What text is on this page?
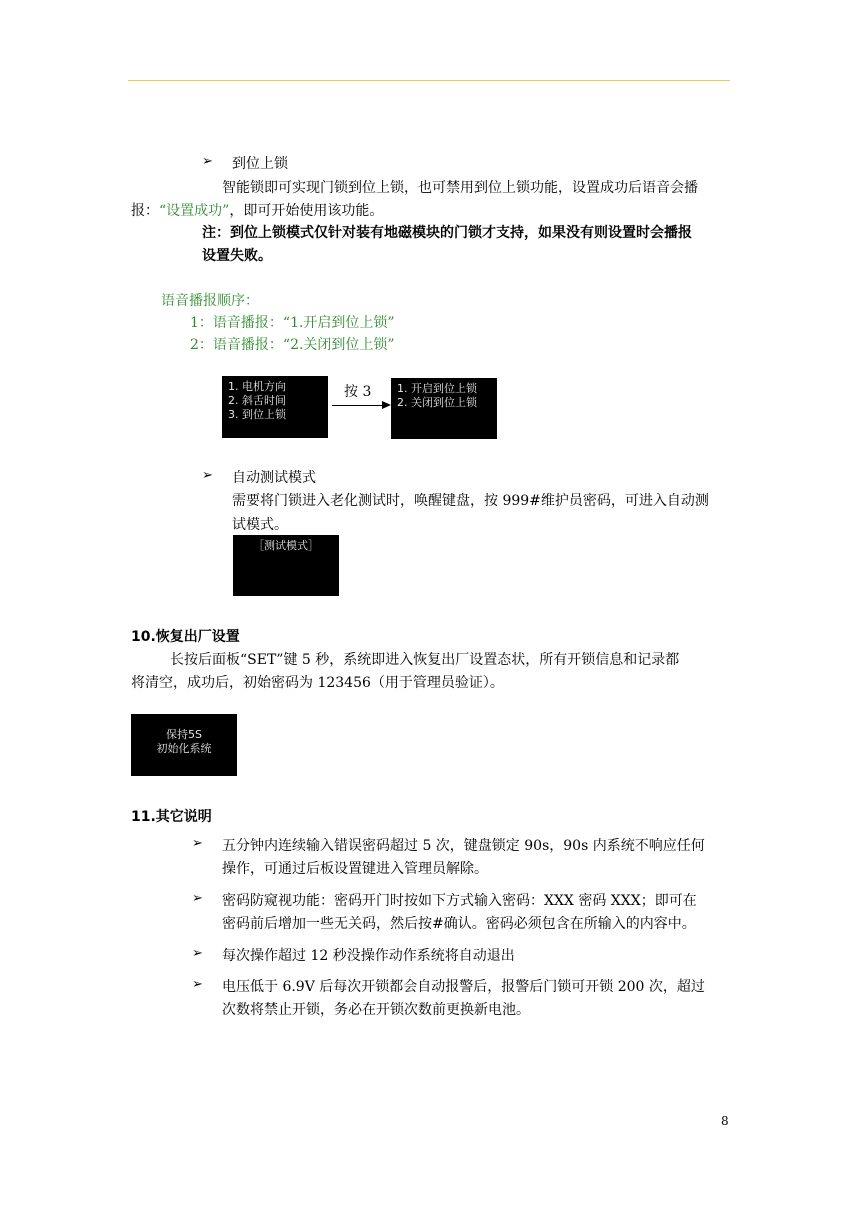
➢ 到位上锁
智能锁即可实现门锁到位上锁，也可禁用到位上锁功能，设置成功后语音会播
报：“设置成功”，即可开始使用该功能。
注：到位上锁模式仅针对装有地磁模块的门锁才支持，如果没有则设置时会播报
设置失败。
语音播报顺序：
1：语音播报：“1.开启到位上锁”
2：语音播报：“2.关闭到位上锁”
1. 电机方向
2. 斜舌时间
3. 到位上锁
按 3 1. 开启到位上锁
2. 关闭到位上锁
➢ 自动测试模式
需要将门锁进入老化测试时，唤醒键盘，按 999#维护员密码，可进入自动测
试模式。
［测试模式］
10.恢复出厂设置
长按后面板“SET”键 5 秒，系统即进入恢复出厂设置态状，所有开锁信息和记录都
将清空，成功后，初始密码为 123456（用于管理员验证）。
保持5S
初始化系统
11.其它说明
➢ 五分钟内连续输入错误密码超过 5 次，键盘锁定 90s，90s 内系统不响应任何
操作，可通过后板设置键进入管理员解除。
➢ 密码防窥视功能：密码开门时按如下方式输入密码：XXX 密码 XXX；即可在
密码前后增加一些无关码，然后按#确认。密码必须包含在所输入的内容中。
➢ 每次操作超过 12 秒没操作动作系统将自动退出
➢ 电压低于 6.9V 后每次开锁都会自动报警后，报警后门锁可开锁 200 次，超过
次数将禁止开锁，务必在开锁次数前更换新电池。
8
